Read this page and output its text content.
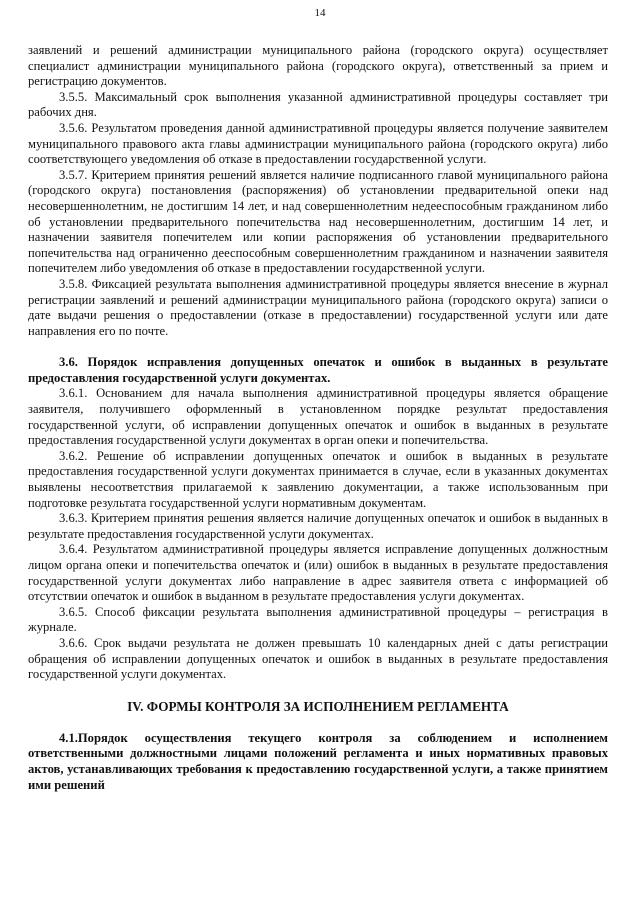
14

заявлений и решений администрации муниципального района (городского округа) осуществляет специалист администрации муниципального района (городского округа), ответственный за прием и регистрацию документов.

3.5.5. Максимальный срок выполнения указанной административной процедуры составляет три рабочих дня.

3.5.6. Результатом проведения данной административной процедуры является получение заявителем муниципального правового акта главы администрации муниципального района (городского округа) либо соответствующего уведомления об отказе в предоставлении государственной услуги.

3.5.7. Критерием принятия решений является наличие подписанного главой муниципального района (городского округа) постановления (распоряжения) об установлении предварительной опеки над несовершеннолетним, не достигшим 14 лет, и над совершеннолетним недееспособным гражданином либо об установлении предварительного попечительства над несовершеннолетним, достигшим 14 лет, и назначении заявителя попечителем или копии распоряжения об установлении предварительного попечительства над ограниченно дееспособным совершеннолетним гражданином и назначении заявителя попечителем либо уведомления об отказе в предоставлении государственной услуги.

3.5.8. Фиксацией результата выполнения административной процедуры является внесение в журнал регистрации заявлений и решений администрации муниципального района (городского округа) записи о дате выдачи решения о предоставлении (отказе в предоставлении) государственной услуги или дате направления его по почте.

3.6. Порядок исправления допущенных опечаток и ошибок в выданных в результате предоставления государственной услуги документах.

3.6.1. Основанием для начала выполнения административной процедуры является обращение заявителя, получившего оформленный в установленном порядке результат предоставления государственной услуги, об исправлении допущенных опечаток и ошибок в выданных в результате предоставления государственной услуги документах в орган опеки и попечительства.

3.6.2. Решение об исправлении допущенных опечаток и ошибок в выданных в результате предоставления государственной услуги документах принимается в случае, если в указанных документах выявлены несоответствия прилагаемой к заявлению документации, а также использованным при подготовке результата государственной услуги нормативным документам.

3.6.3. Критерием принятия решения является наличие допущенных опечаток и ошибок в выданных в результате предоставления государственной услуги документах.

3.6.4. Результатом административной процедуры является исправление допущенных должностным лицом органа опеки и попечительства опечаток и (или) ошибок в выданных в результате предоставления государственной услуги документах либо направление в адрес заявителя ответа с информацией об отсутствии опечаток и ошибок в выданном в результате предоставления услуги документах.

3.6.5. Способ фиксации результата выполнения административной процедуры – регистрация в журнале.

3.6.6. Срок выдачи результата не должен превышать 10 календарных дней с даты регистрации обращения об исправлении допущенных опечаток и ошибок в выданных в результате предоставления государственной услуги документах.

IV. ФОРМЫ КОНТРОЛЯ ЗА ИСПОЛНЕНИЕМ РЕГЛАМЕНТА

4.1.Порядок осуществления текущего контроля за соблюдением и исполнением ответственными должностными лицами положений регламента и иных нормативных правовых актов, устанавливающих требования к предоставлению государственной услуги, а также принятием ими решений
